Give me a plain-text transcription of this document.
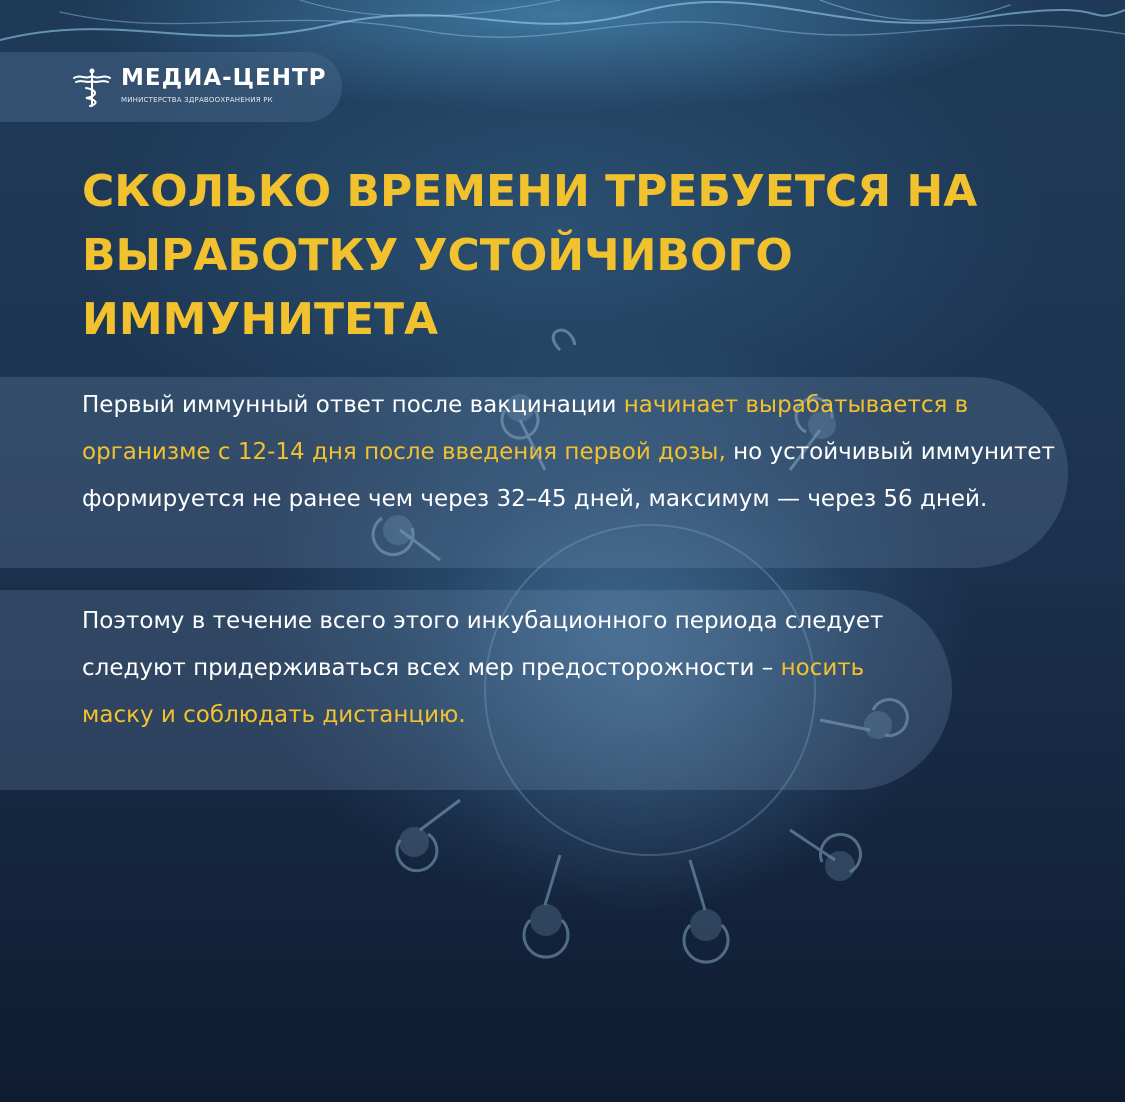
МЕДИА-ЦЕНТР
МИНИСТЕРСТВА ЗДРАВООХРАНЕНИЯ РК
СКОЛЬКО ВРЕМЕНИ ТРЕБУЕТСЯ НА
ВЫРАБОТКУ УСТОЙЧИВОГО
ИММУНИТЕТА

Первый иммунный ответ после вакцинации начинает вырабатывается в организме с 12-14 дня после введения первой дозы, но устойчивый иммунитет формируется не ранее чем через 32–45 дней, максимум — через 56 дней.

Поэтому в течение всего этого инкубационного периода следует следуют придерживаться всех мер предосторожности – носить маску и соблюдать дистанцию.
